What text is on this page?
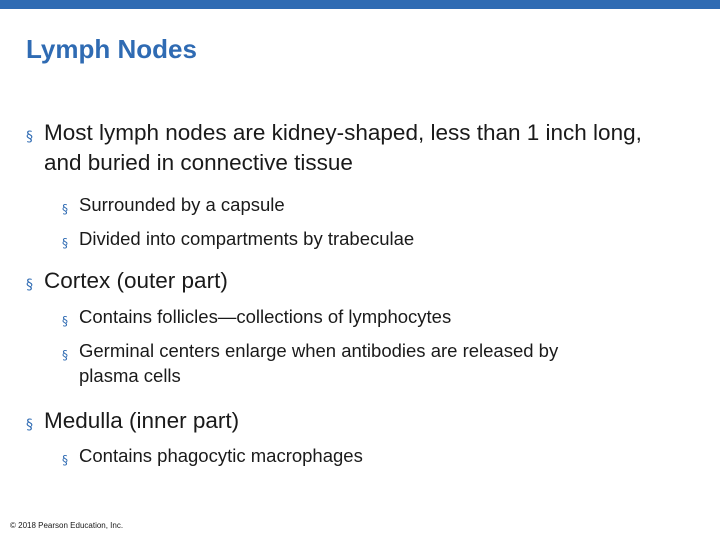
Lymph Nodes
§ Most lymph nodes are kidney-shaped, less than 1 inch long, and buried in connective tissue
§ Surrounded by a capsule
§ Divided into compartments by trabeculae
§ Cortex (outer part)
§ Contains follicles—collections of lymphocytes
§ Germinal centers enlarge when antibodies are released by plasma cells
§ Medulla (inner part)
§ Contains phagocytic macrophages
© 2018 Pearson Education, Inc.
